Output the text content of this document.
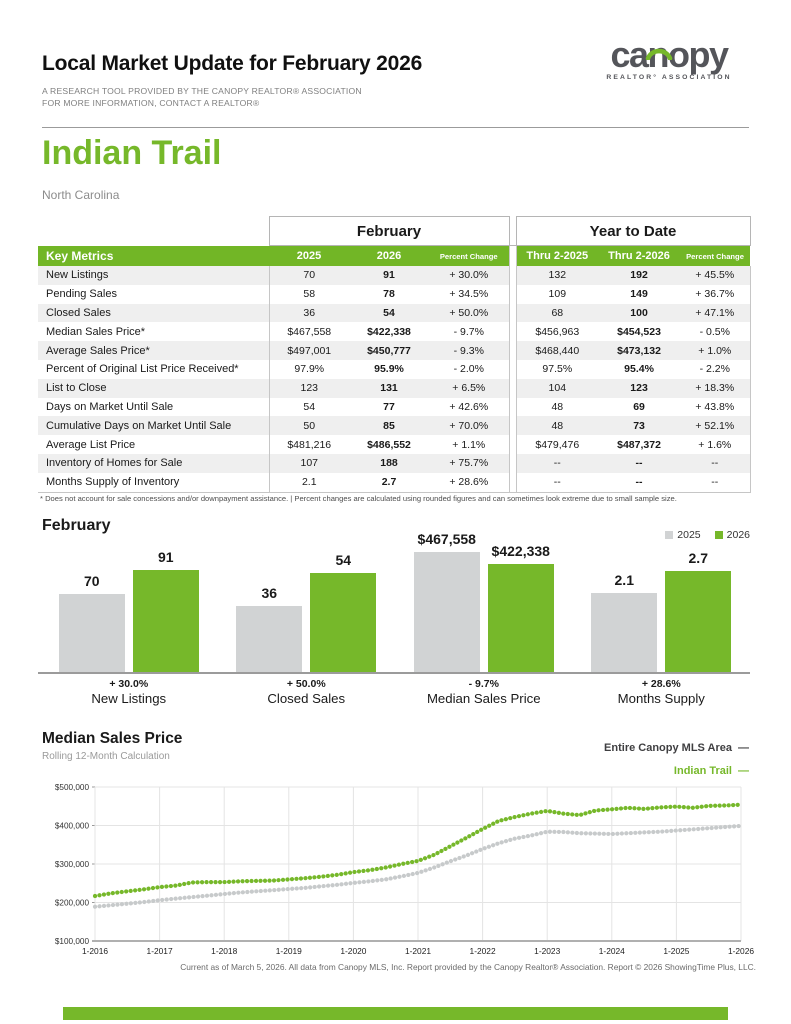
Local Market Update for February 2026
A RESEARCH TOOL PROVIDED BY THE CANOPY REALTOR® ASSOCIATION
FOR MORE INFORMATION, CONTACT A REALTOR®
can
opy
REALTOR° ASSOCIATION
Indian Trail
North Carolina
	February				Year to Date		
Key Metrics	2025	2026	Percent Change		Thru 2-2025	Thru 2-2026	Percent Change
New Listings	70	91	+ 30.0%		132	192	+ 45.5%
Pending Sales	58	78	+ 34.5%		109	149	+ 36.7%
Closed Sales	36	54	+ 50.0%		68	100	+ 47.1%
Median Sales Price*	$467,558	$422,338	- 9.7%		$456,963	$454,523	- 0.5%
Average Sales Price*	$497,001	$450,777	- 9.3%		$468,440	$473,132	+ 1.0%
Percent of Original List Price Received*	97.9%	95.9%	- 2.0%		97.5%	95.4%	- 2.2%
List to Close	123	131	+ 6.5%		104	123	+ 18.3%
Days on Market Until Sale	54	77	+ 42.6%		48	69	+ 43.8%
Cumulative Days on Market Until Sale	50	85	+ 70.0%		48	73	+ 52.1%
Average List Price	$481,216	$486,552	+ 1.1%		$479,476	$487,372	+ 1.6%
Inventory of Homes for Sale	107	188	+ 75.7%		--	--	--
Months Supply of Inventory	2.1	2.7	+ 28.6%		--	--	--
* Does not account for sale concessions and/or downpayment assistance. | Percent changes are calculated using rounded figures and can sometimes look extreme due to small sample size.
February
2025 2026
70
91
36
54
$467,558
$422,338
2.1
2.7
+ 30.0%	+ 50.0%	- 9.7%	+ 28.6%
New Listings	Closed Sales	Median Sales Price	Months Supply
Median Sales Price
Rolling 12-Month Calculation
Entire Canopy MLS Area —
Indian Trail —
$500,000
$400,000
$300,000
$200,000
$100,000
1-2016	1-2017	1-2018	1-2019	1-2020	1-2021	1-2022	1-2023	1-2024	1-2025	1-2026
Current as of March 5, 2026. All data from Canopy MLS, Inc. Report provided by the Canopy Realtor® Association. Report © 2026 ShowingTime Plus, LLC.
